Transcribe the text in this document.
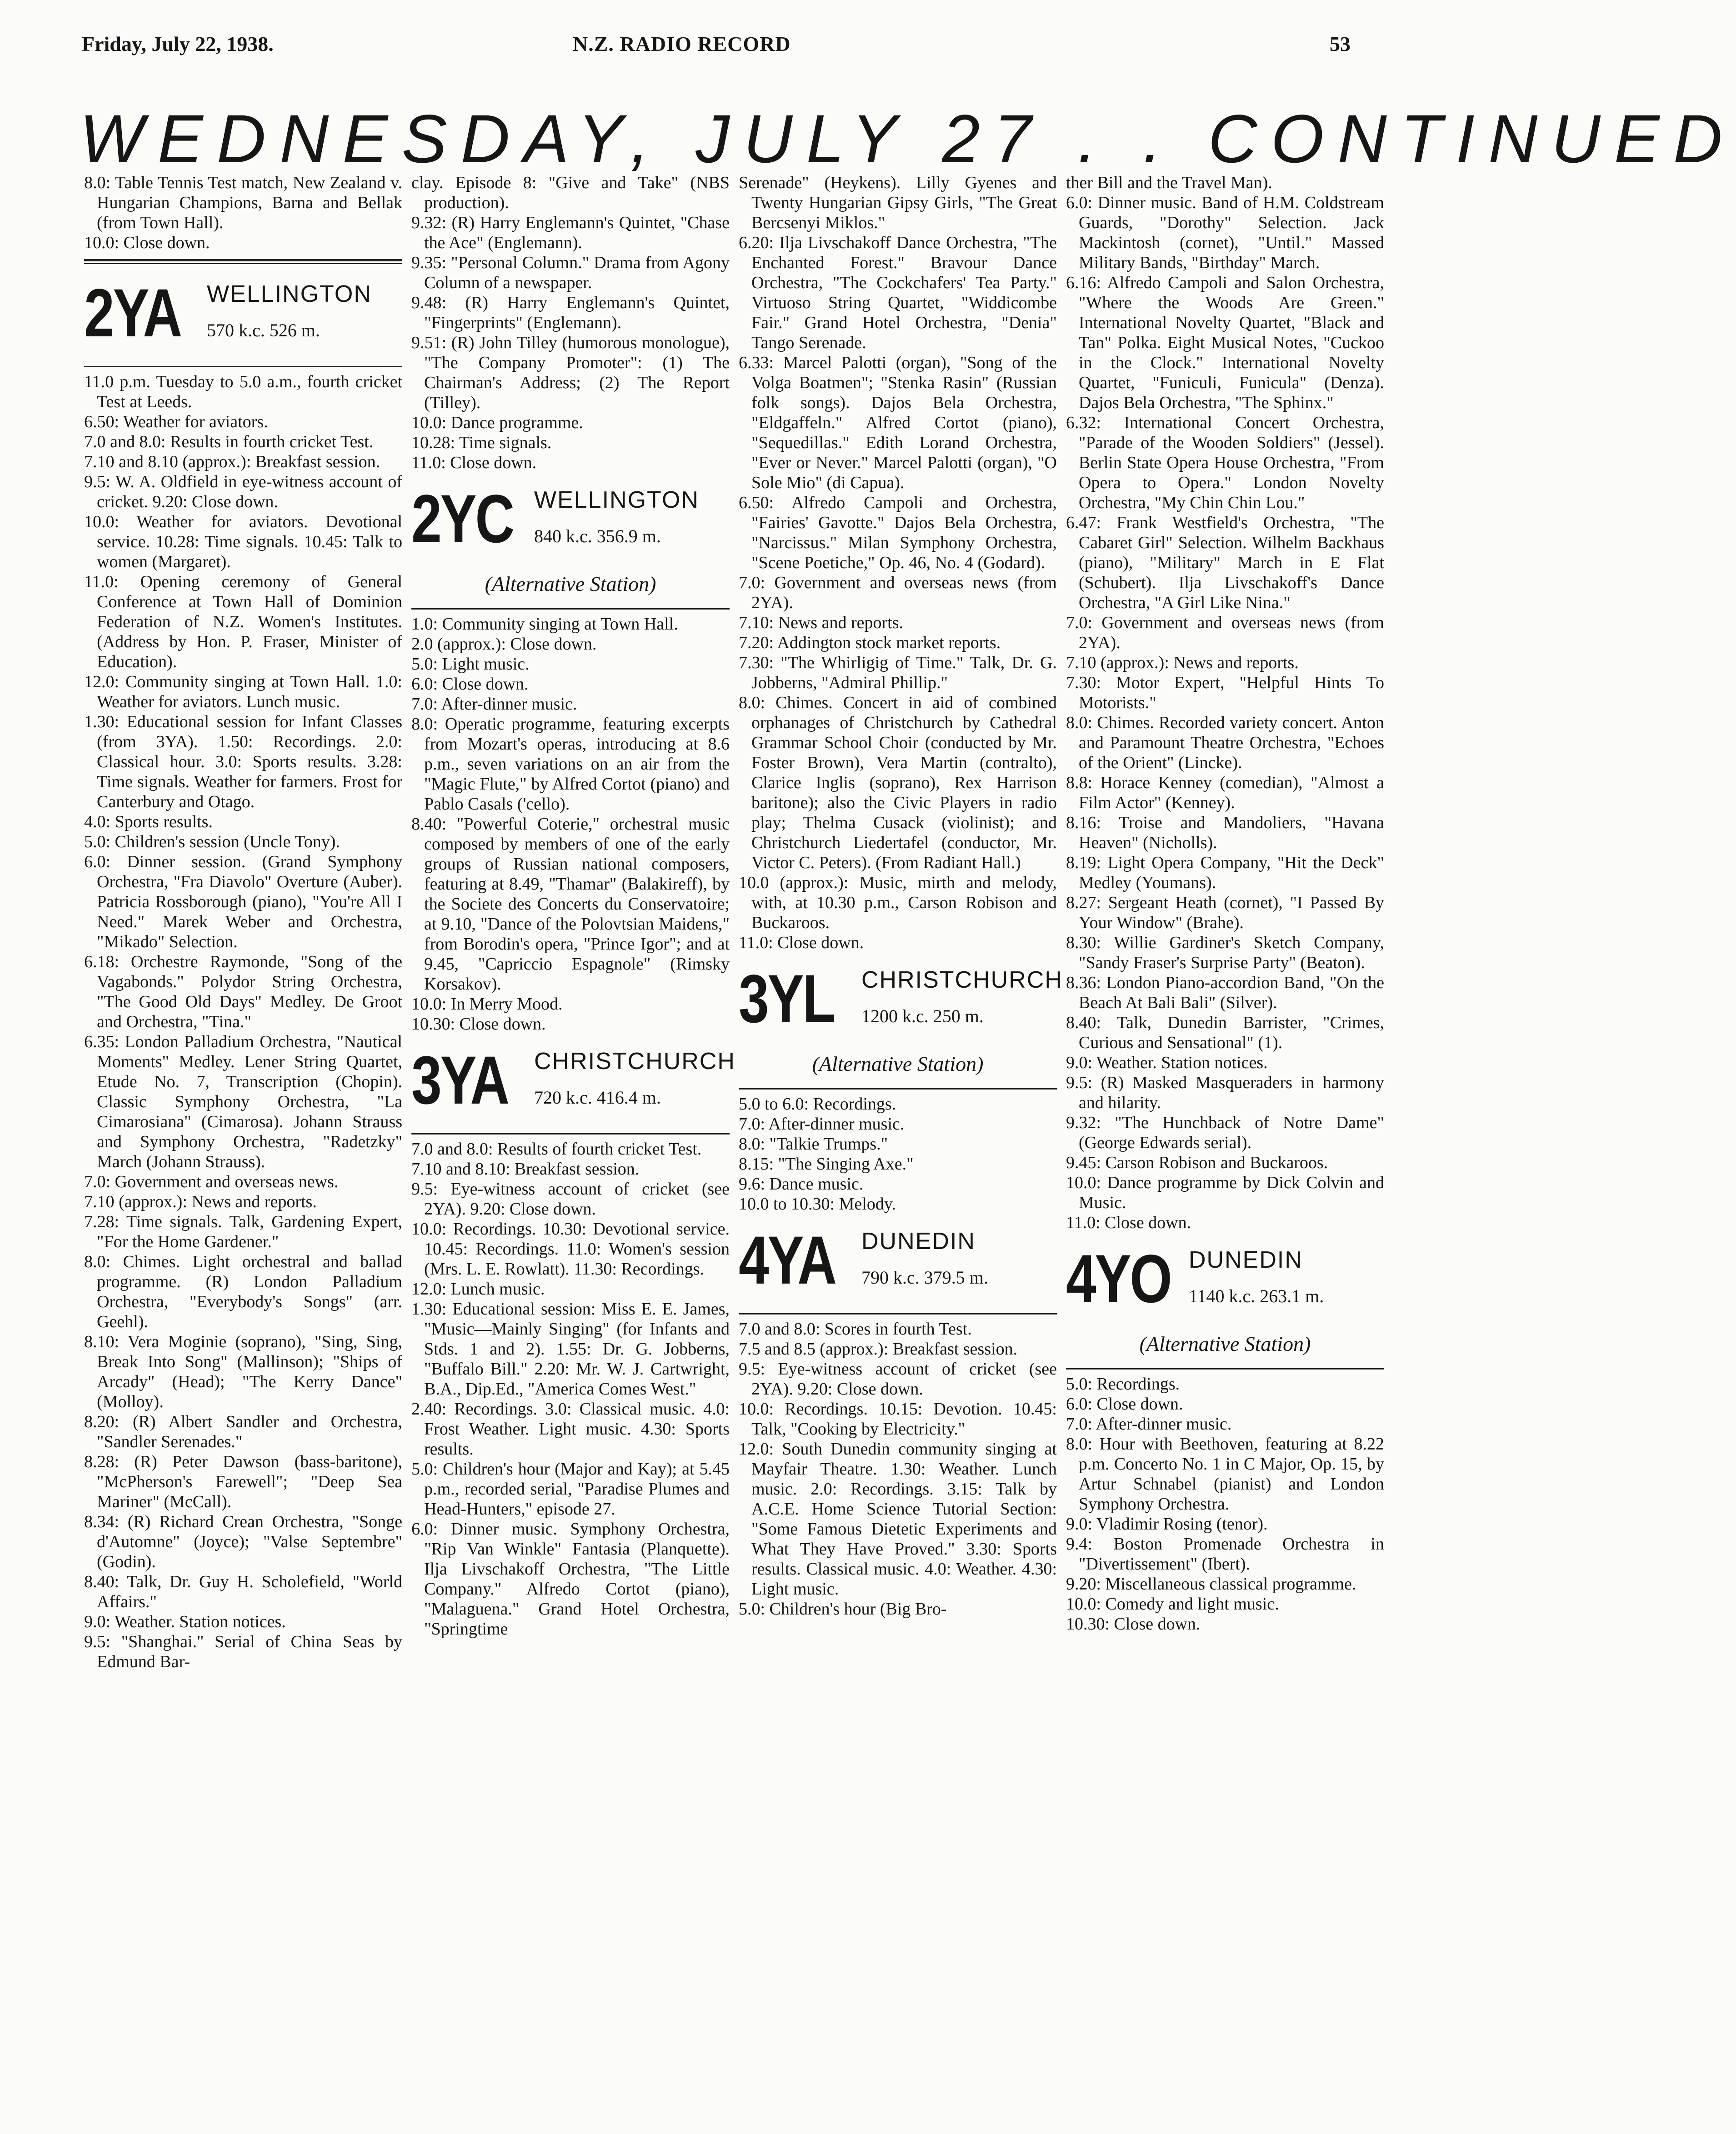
Friday, July 22, 1938.	N.Z. RADIO RECORD	53
WEDNESDAY, JULY 27 . . CONTINUED

8.0: Table Tennis Test match, New Zealand v. Hungarian Champions, Barna and Bellak (from Town Hall).

10.0: Close down.

2YA WELLINGTON
570 k.c. 526 m.

11.0 p.m. Tuesday to 5.0 a.m., fourth cricket Test at Leeds.

6.50: Weather for aviators.

7.0 and 8.0: Results in fourth cricket Test.

7.10 and 8.10 (approx.): Breakfast session.

9.5: W. A. Oldfield in eye-witness account of cricket. 9.20: Close down.

10.0: Weather for aviators. Devotional service. 10.28: Time signals. 10.45: Talk to women (Margaret).

11.0: Opening ceremony of General Conference at Town Hall of Dominion Federation of N.Z. Women's Institutes. (Address by Hon. P. Fraser, Minister of Education).

12.0: Community singing at Town Hall. 1.0: Weather for aviators. Lunch music.

1.30: Educational session for Infant Classes (from 3YA). 1.50: Recordings. 2.0: Classical hour. 3.0: Sports results. 3.28: Time signals. Weather for farmers. Frost for Canterbury and Otago.

4.0: Sports results.

5.0: Children's session (Uncle Tony).

6.0: Dinner session. (Grand Symphony Orchestra, "Fra Diavolo" Overture (Auber). Patricia Rossborough (piano), "You're All I Need." Marek Weber and Orchestra, "Mikado" Selection.

6.18: Orchestre Raymonde, "Song of the Vagabonds." Polydor String Orchestra, "The Good Old Days" Medley. De Groot and Orchestra, "Tina."

6.35: London Palladium Orchestra, "Nautical Moments" Medley. Lener String Quartet, Etude No. 7, Transcription (Chopin). Classic Symphony Orchestra, "La Cimarosiana" (Cimarosa). Johann Strauss and Symphony Orchestra, "Radetzky" March (Johann Strauss).

7.0: Government and overseas news.

7.10 (approx.): News and reports.

7.28: Time signals. Talk, Gardening Expert, "For the Home Gardener."

8.0: Chimes. Light orchestral and ballad programme. (R) London Palladium Orchestra, "Everybody's Songs" (arr. Geehl).

8.10: Vera Moginie (soprano), "Sing, Sing, Break Into Song" (Mallinson); "Ships of Arcady" (Head); "The Kerry Dance" (Molloy).

8.20: (R) Albert Sandler and Orchestra, "Sandler Serenades."

8.28: (R) Peter Dawson (bass-baritone), "McPherson's Farewell"; "Deep Sea Mariner" (McCall).

8.34: (R) Richard Crean Orchestra, "Songe d'Automne" (Joyce); "Valse Septembre" (Godin).

8.40: Talk, Dr. Guy H. Scholefield, "World Affairs."

9.0: Weather. Station notices.

9.5: "Shanghai." Serial of China Seas by Edmund Bar-

clay. Episode 8: "Give and Take" (NBS production).

9.32: (R) Harry Englemann's Quintet, "Chase the Ace" (Englemann).

9.35: "Personal Column." Drama from Agony Column of a newspaper.

9.48: (R) Harry Englemann's Quintet, "Fingerprints" (Englemann).

9.51: (R) John Tilley (humorous monologue), "The Company Promoter": (1) The Chairman's Address; (2) The Report (Tilley).

10.0: Dance programme.

10.28: Time signals.

11.0: Close down.

2YC WELLINGTON
840 k.c. 356.9 m.
(Alternative Station)

1.0: Community singing at Town Hall.

2.0 (approx.): Close down.

5.0: Light music.

6.0: Close down.

7.0: After-dinner music.

8.0: Operatic programme, featuring excerpts from Mozart's operas, introducing at 8.6 p.m., seven variations on an air from the "Magic Flute," by Alfred Cortot (piano) and Pablo Casals ('cello).

8.40: "Powerful Coterie," orchestral music composed by members of one of the early groups of Russian national composers, featuring at 8.49, "Thamar" (Balakireff), by the Societe des Concerts du Conservatoire; at 9.10, "Dance of the Polovtsian Maidens," from Borodin's opera, "Prince Igor"; and at 9.45, "Capriccio Espagnole" (Rimsky Korsakov).

10.0: In Merry Mood.

10.30: Close down.

3YA CHRISTCHURCH
720 k.c. 416.4 m.

7.0 and 8.0: Results of fourth cricket Test.

7.10 and 8.10: Breakfast session.

9.5: Eye-witness account of cricket (see 2YA). 9.20: Close down.

10.0: Recordings. 10.30: Devotional service. 10.45: Recordings. 11.0: Women's session (Mrs. L. E. Rowlatt). 11.30: Recordings.

12.0: Lunch music.

1.30: Educational session: Miss E. E. James, "Music—Mainly Singing" (for Infants and Stds. 1 and 2). 1.55: Dr. G. Jobberns, "Buffalo Bill." 2.20: Mr. W. J. Cartwright, B.A., Dip.Ed., "America Comes West."

2.40: Recordings. 3.0: Classical music. 4.0: Frost Weather. Light music. 4.30: Sports results.

5.0: Children's hour (Major and Kay); at 5.45 p.m., recorded serial, "Paradise Plumes and Head-Hunters," episode 27.

6.0: Dinner music. Symphony Orchestra, "Rip Van Winkle" Fantasia (Planquette). Ilja Livschakoff Orchestra, "The Little Company." Alfredo Cortot (piano), "Malaguena." Grand Hotel Orchestra, "Springtime

Serenade" (Heykens). Lilly Gyenes and Twenty Hungarian Gipsy Girls, "The Great Bercsenyi Miklos."

6.20: Ilja Livschakoff Dance Orchestra, "The Enchanted Forest." Bravour Dance Orchestra, "The Cockchafers' Tea Party." Virtuoso String Quartet, "Widdicombe Fair." Grand Hotel Orchestra, "Denia" Tango Serenade.

6.33: Marcel Palotti (organ), "Song of the Volga Boatmen"; "Stenka Rasin" (Russian folk songs). Dajos Bela Orchestra, "Eldgaffeln." Alfred Cortot (piano), "Sequedillas." Edith Lorand Orchestra, "Ever or Never." Marcel Palotti (organ), "O Sole Mio" (di Capua).

6.50: Alfredo Campoli and Orchestra, "Fairies' Gavotte." Dajos Bela Orchestra, "Narcissus." Milan Symphony Orchestra, "Scene Poetiche," Op. 46, No. 4 (Godard).

7.0: Government and overseas news (from 2YA).

7.10: News and reports.

7.20: Addington stock market reports.

7.30: "The Whirligig of Time." Talk, Dr. G. Jobberns, "Admiral Phillip."

8.0: Chimes. Concert in aid of combined orphanages of Christchurch by Cathedral Grammar School Choir (conducted by Mr. Foster Brown), Vera Martin (contralto), Clarice Inglis (soprano), Rex Harrison baritone); also the Civic Players in radio play; Thelma Cusack (violinist); and Christchurch Liedertafel (conductor, Mr. Victor C. Peters). (From Radiant Hall.)

10.0 (approx.): Music, mirth and melody, with, at 10.30 p.m., Carson Robison and Buckaroos.

11.0: Close down.

3YL CHRISTCHURCH
1200 k.c. 250 m.
(Alternative Station)

5.0 to 6.0: Recordings.

7.0: After-dinner music.

8.0: "Talkie Trumps."

8.15: "The Singing Axe."

9.6: Dance music.

10.0 to 10.30: Melody.

4YA DUNEDIN
790 k.c. 379.5 m.

7.0 and 8.0: Scores in fourth Test.

7.5 and 8.5 (approx.): Breakfast session.

9.5: Eye-witness account of cricket (see 2YA). 9.20: Close down.

10.0: Recordings. 10.15: Devotion. 10.45: Talk, "Cooking by Electricity."

12.0: South Dunedin community singing at Mayfair Theatre. 1.30: Weather. Lunch music. 2.0: Recordings. 3.15: Talk by A.C.E. Home Science Tutorial Section: "Some Famous Dietetic Experiments and What They Have Proved." 3.30: Sports results. Classical music. 4.0: Weather. 4.30: Light music.

5.0: Children's hour (Big Bro-

ther Bill and the Travel Man).

6.0: Dinner music. Band of H.M. Coldstream Guards, "Dorothy" Selection. Jack Mackintosh (cornet), "Until." Massed Military Bands, "Birthday" March.

6.16: Alfredo Campoli and Salon Orchestra, "Where the Woods Are Green." International Novelty Quartet, "Black and Tan" Polka. Eight Musical Notes, "Cuckoo in the Clock." International Novelty Quartet, "Funiculi, Funicula" (Denza). Dajos Bela Orchestra, "The Sphinx."

6.32: International Concert Orchestra, "Parade of the Wooden Soldiers" (Jessel). Berlin State Opera House Orchestra, "From Opera to Opera." London Novelty Orchestra, "My Chin Chin Lou."

6.47: Frank Westfield's Orchestra, "The Cabaret Girl" Selection. Wilhelm Backhaus (piano), "Military" March in E Flat (Schubert). Ilja Livschakoff's Dance Orchestra, "A Girl Like Nina."

7.0: Government and overseas news (from 2YA).

7.10 (approx.): News and reports.

7.30: Motor Expert, "Helpful Hints To Motorists."

8.0: Chimes. Recorded variety concert. Anton and Paramount Theatre Orchestra, "Echoes of the Orient" (Lincke).

8.8: Horace Kenney (comedian), "Almost a Film Actor" (Kenney).

8.16: Troise and Mandoliers, "Havana Heaven" (Nicholls).

8.19: Light Opera Company, "Hit the Deck" Medley (Youmans).

8.27: Sergeant Heath (cornet), "I Passed By Your Window" (Brahe).

8.30: Willie Gardiner's Sketch Company, "Sandy Fraser's Surprise Party" (Beaton).

8.36: London Piano-accordion Band, "On the Beach At Bali Bali" (Silver).

8.40: Talk, Dunedin Barrister, "Crimes, Curious and Sensational" (1).

9.0: Weather. Station notices.

9.5: (R) Masked Masqueraders in harmony and hilarity.

9.32: "The Hunchback of Notre Dame" (George Edwards serial).

9.45: Carson Robison and Buckaroos.

10.0: Dance programme by Dick Colvin and Music.

11.0: Close down.

4YO DUNEDIN
1140 k.c. 263.1 m.
(Alternative Station)

5.0: Recordings.

6.0: Close down.

7.0: After-dinner music.

8.0: Hour with Beethoven, featuring at 8.22 p.m. Concerto No. 1 in C Major, Op. 15, by Artur Schnabel (pianist) and London Symphony Orchestra.

9.0: Vladimir Rosing (tenor).

9.4: Boston Promenade Orchestra in "Divertissement" (Ibert).

9.20: Miscellaneous classical programme.

10.0: Comedy and light music.

10.30: Close down.
